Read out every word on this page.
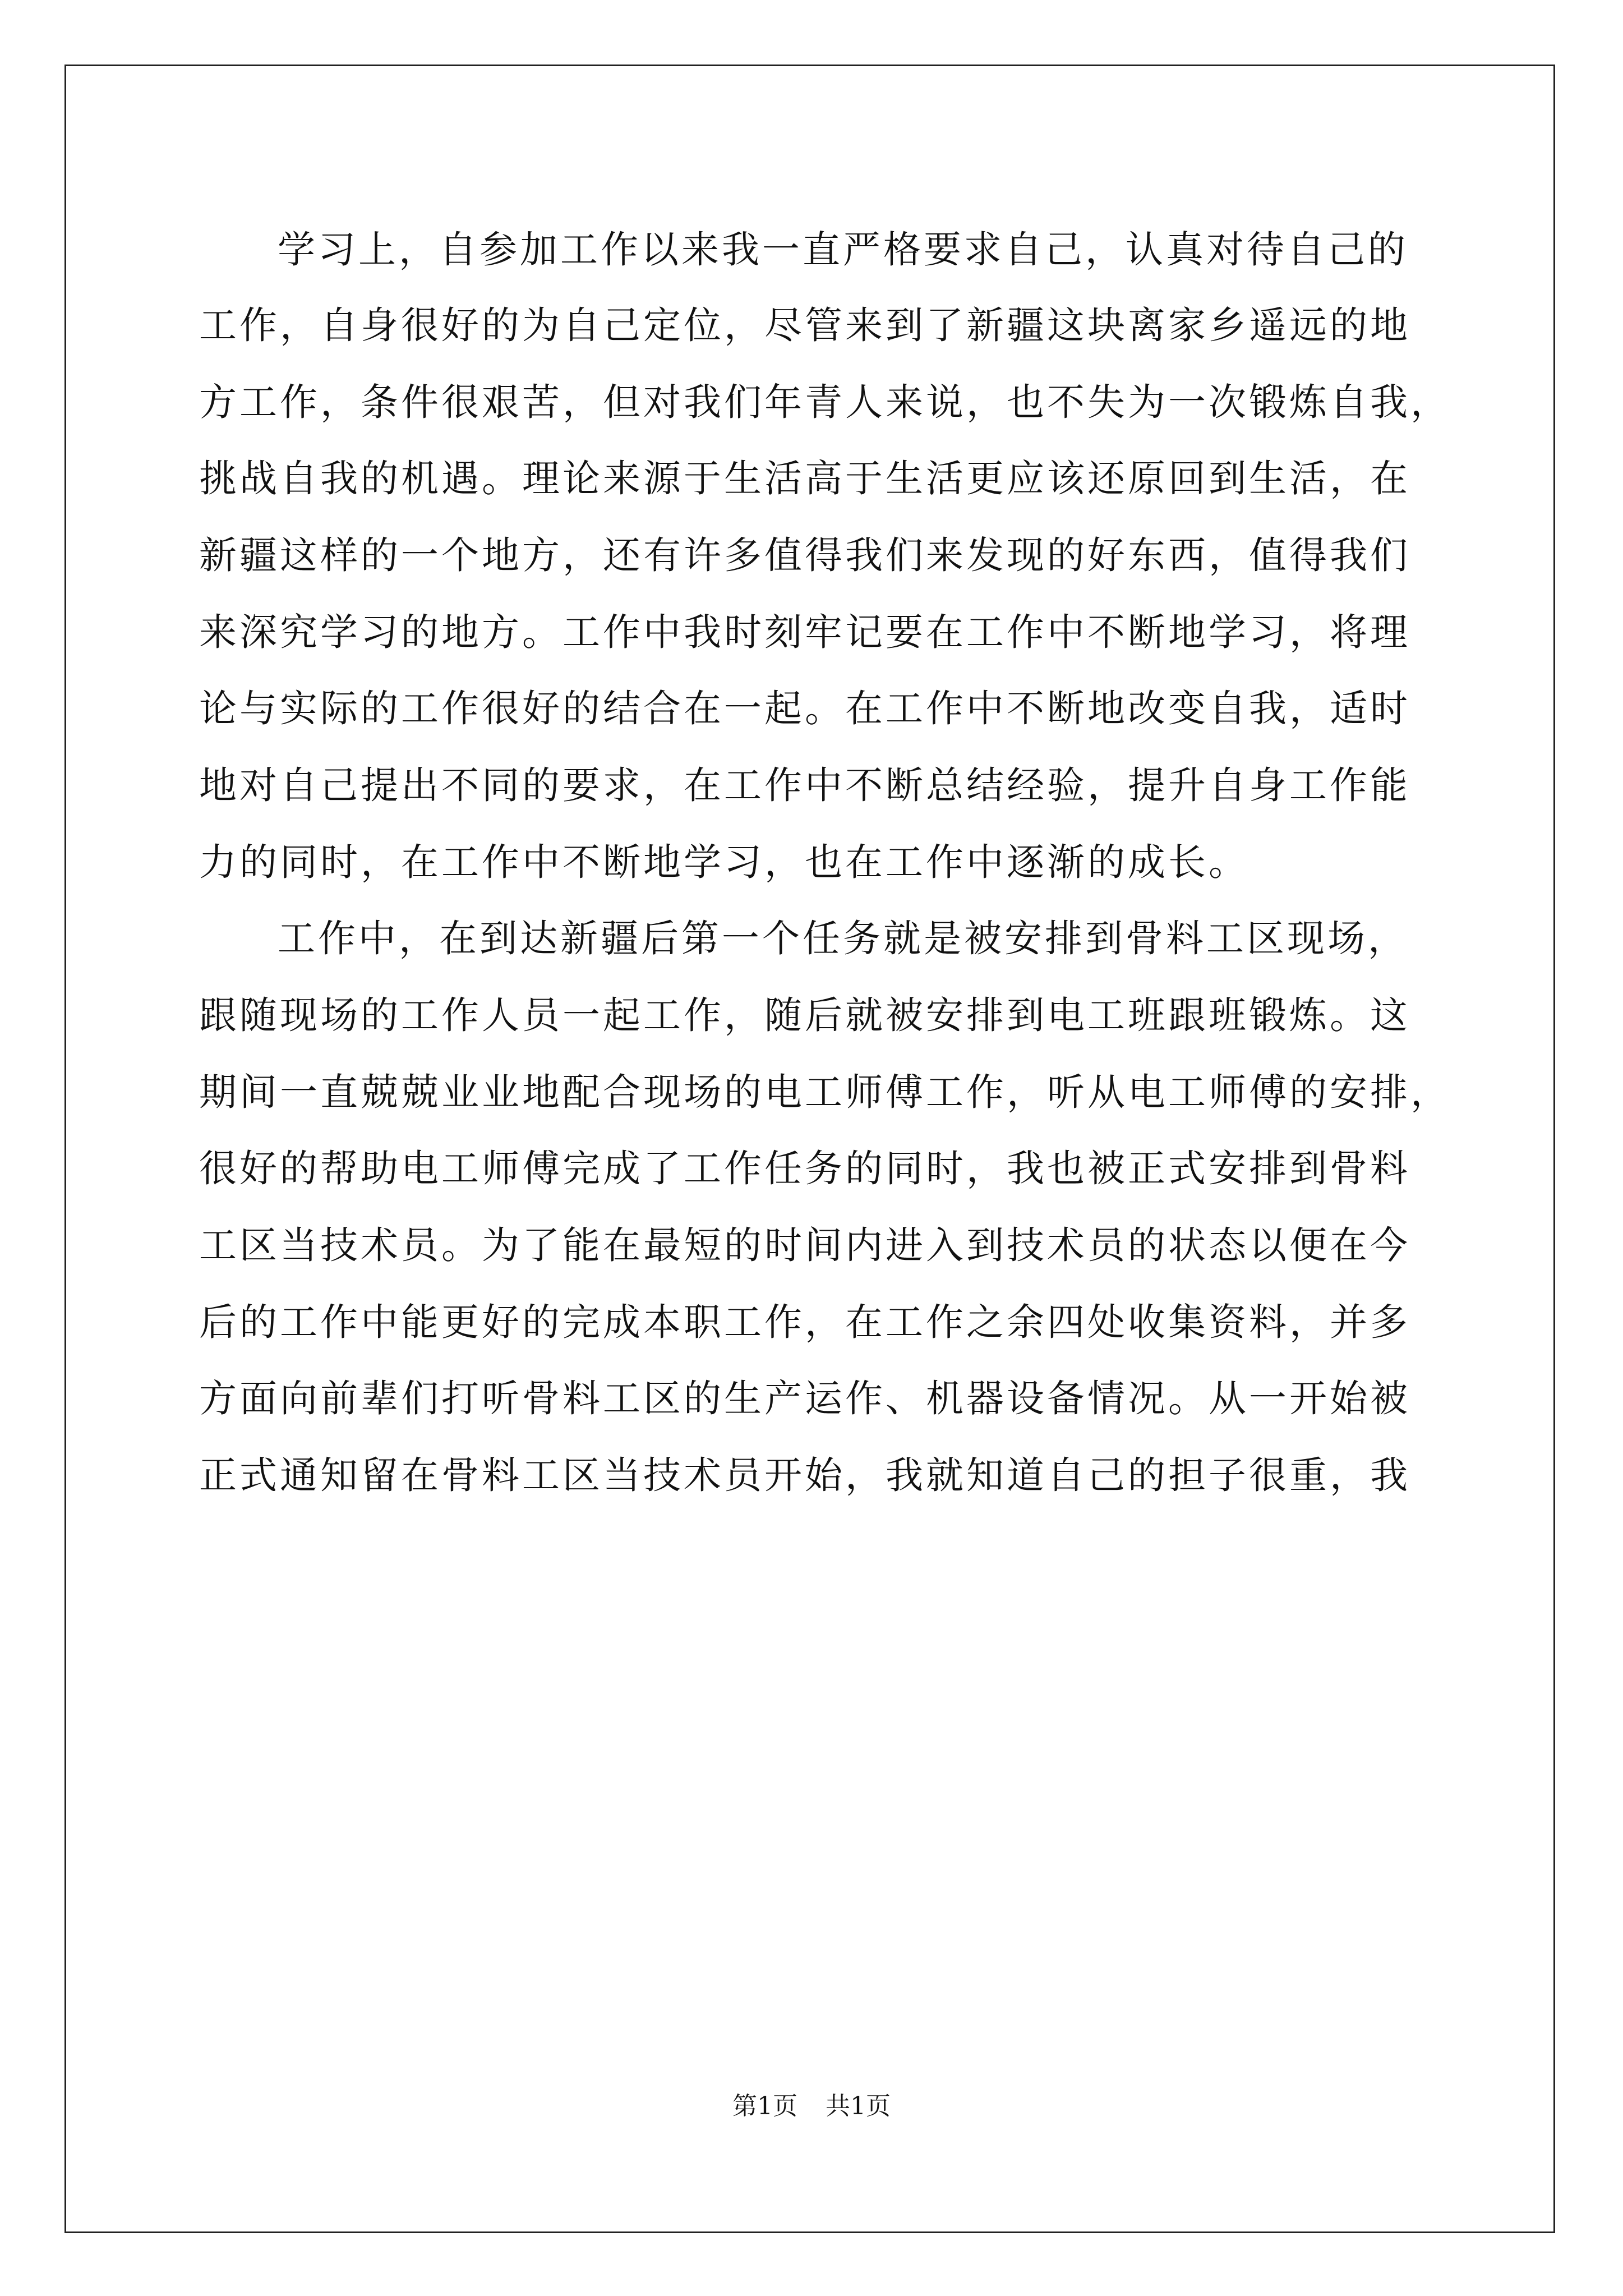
学习上，自参加工作以来我一直严格要求自己，认真对待自己的
工作，自身很好的为自己定位，尽管来到了新疆这块离家乡遥远的地
方工作，条件很艰苦，但对我们年青人来说，也不失为一次锻炼自我，
挑战自我的机遇。理论来源于生活高于生活更应该还原回到生活，在
新疆这样的一个地方，还有许多值得我们来发现的好东西，值得我们
来深究学习的地方。工作中我时刻牢记要在工作中不断地学习，将理
论与实际的工作很好的结合在一起。在工作中不断地改变自我，适时
地对自己提出不同的要求，在工作中不断总结经验，提升自身工作能
力的同时，在工作中不断地学习，也在工作中逐渐的成长。
工作中，在到达新疆后第一个任务就是被安排到骨料工区现场，
跟随现场的工作人员一起工作，随后就被安排到电工班跟班锻炼。这
期间一直兢兢业业地配合现场的电工师傅工作，听从电工师傅的安排，
很好的帮助电工师傅完成了工作任务的同时，我也被正式安排到骨料
工区当技术员。为了能在最短的时间内进入到技术员的状态以便在今
后的工作中能更好的完成本职工作，在工作之余四处收集资料，并多
方面向前辈们打听骨料工区的生产运作、机器设备情况。从一开始被
正式通知留在骨料工区当技术员开始，我就知道自己的担子很重，我
第1页 共1页
